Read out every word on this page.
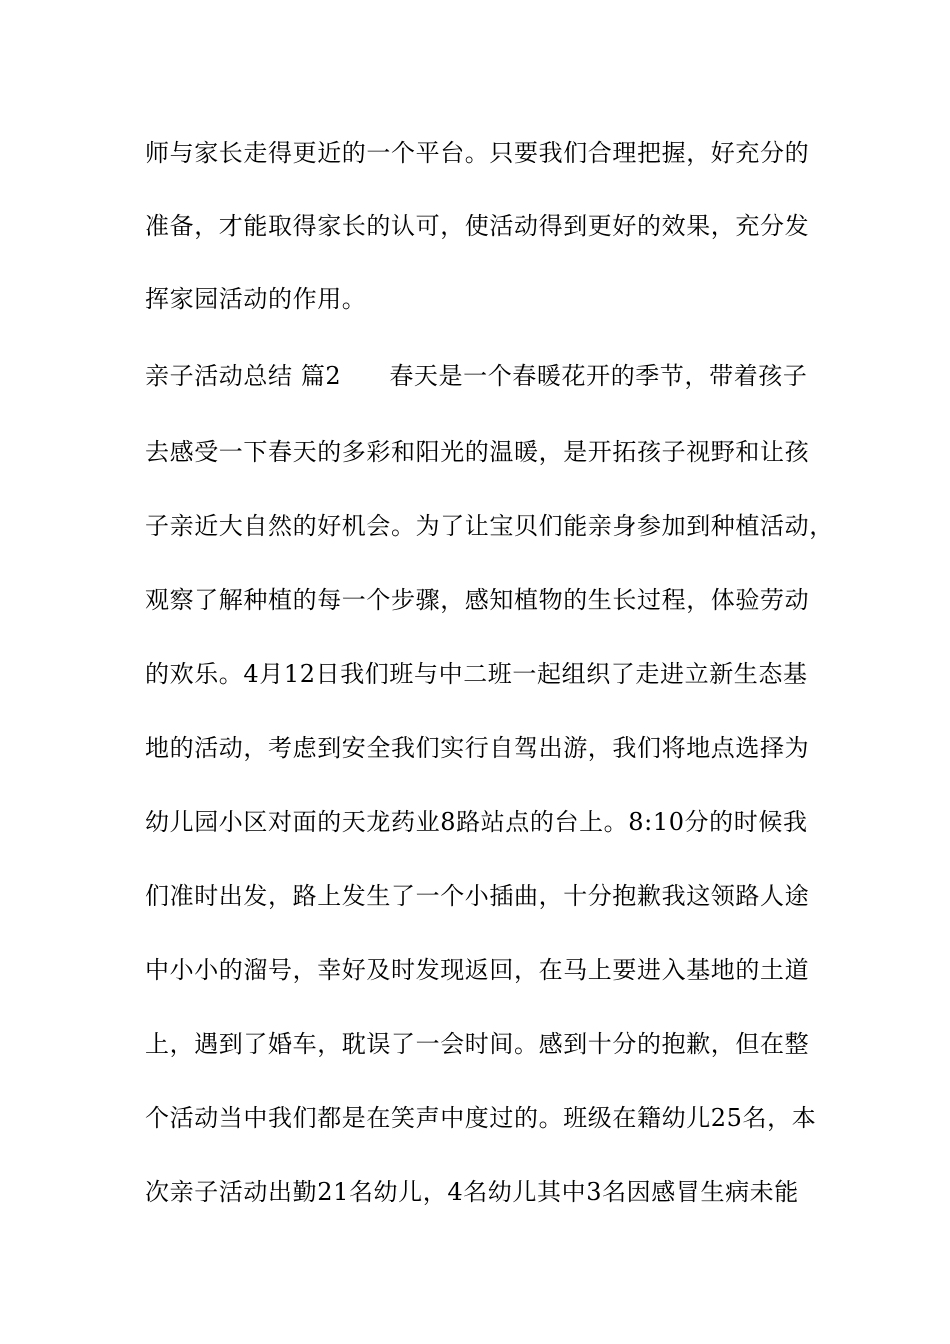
师与家长走得更近的一个平台。只要我们合理把握，好充分的
准备，才能取得家长的认可，使活动得到更好的效果，充分发
挥家园活动的作用。
亲子活动总结 篇2 春天是一个春暖花开的季节，带着孩子
去感受一下春天的多彩和阳光的温暖，是开拓孩子视野和让孩
子亲近大自然的好机会。为了让宝贝们能亲身参加到种植活动，
观察了解种植的每一个步骤，感知植物的生长过程，体验劳动
的欢乐。4月12日我们班与中二班一起组织了走进立新生态基
地的活动，考虑到安全我们实行自驾出游，我们将地点选择为
幼儿园小区对面的天龙药业8路站点的台上。8:10分的时候我
们准时出发，路上发生了一个小插曲，十分抱歉我这领路人途
中小小的溜号，幸好及时发现返回，在马上要进入基地的土道
上，遇到了婚车，耽误了一会时间。感到十分的抱歉，但在整
个活动当中我们都是在笑声中度过的。班级在籍幼儿25名，本
次亲子活动出勤21名幼儿，4名幼儿其中3名因感冒生病未能
